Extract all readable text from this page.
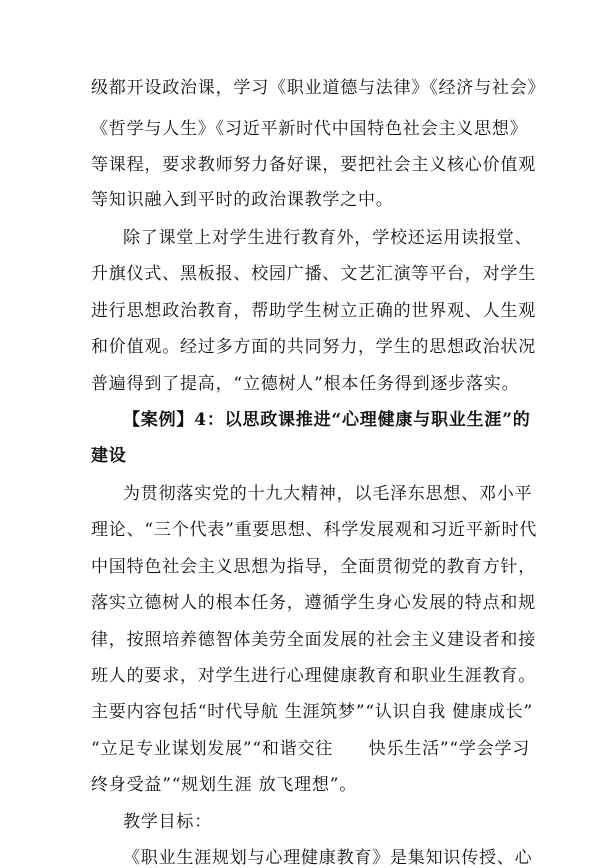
级都开设政治课，学习《职业道德与法律》《经济与社会》
《哲学与人生》《习近平新时代中国特色社会主义思想》
等课程，要求教师努力备好课，要把社会主义核心价值观
等知识融入到平时的政治课教学之中。
除了课堂上对学生进行教育外，学校还运用读报堂、
升旗仪式、黑板报、校园广播、文艺汇演等平台，对学生
进行思想政治教育，帮助学生树立正确的世界观、人生观
和价值观。经过多方面的共同努力，学生的思想政治状况
普遍得到了提高，“立德树人”根本任务得到逐步落实。
【案例】4：以思政课推进“心理健康与职业生涯”的
建设
为贯彻落实党的十九大精神，以毛泽东思想、邓小平
理论、“三个代表”重要思想、科学发展观和习近平新时代
中国特色社会主义思想为指导，全面贯彻党的教育方针，
落实立德树人的根本任务，遵循学生身心发展的特点和规
律，按照培养德智体美劳全面发展的社会主义建设者和接
班人的要求，对学生进行心理健康教育和职业生涯教育。
主要内容包括“时代导航 生涯筑梦”“认识自我 健康成长”
“立足专业谋划发展”“和谐交往　　快乐生活”“学会学习
终身受益”“规划生涯 放飞理想”。
教学目标：
《职业生涯规划与心理健康教育》是集知识传授、心
